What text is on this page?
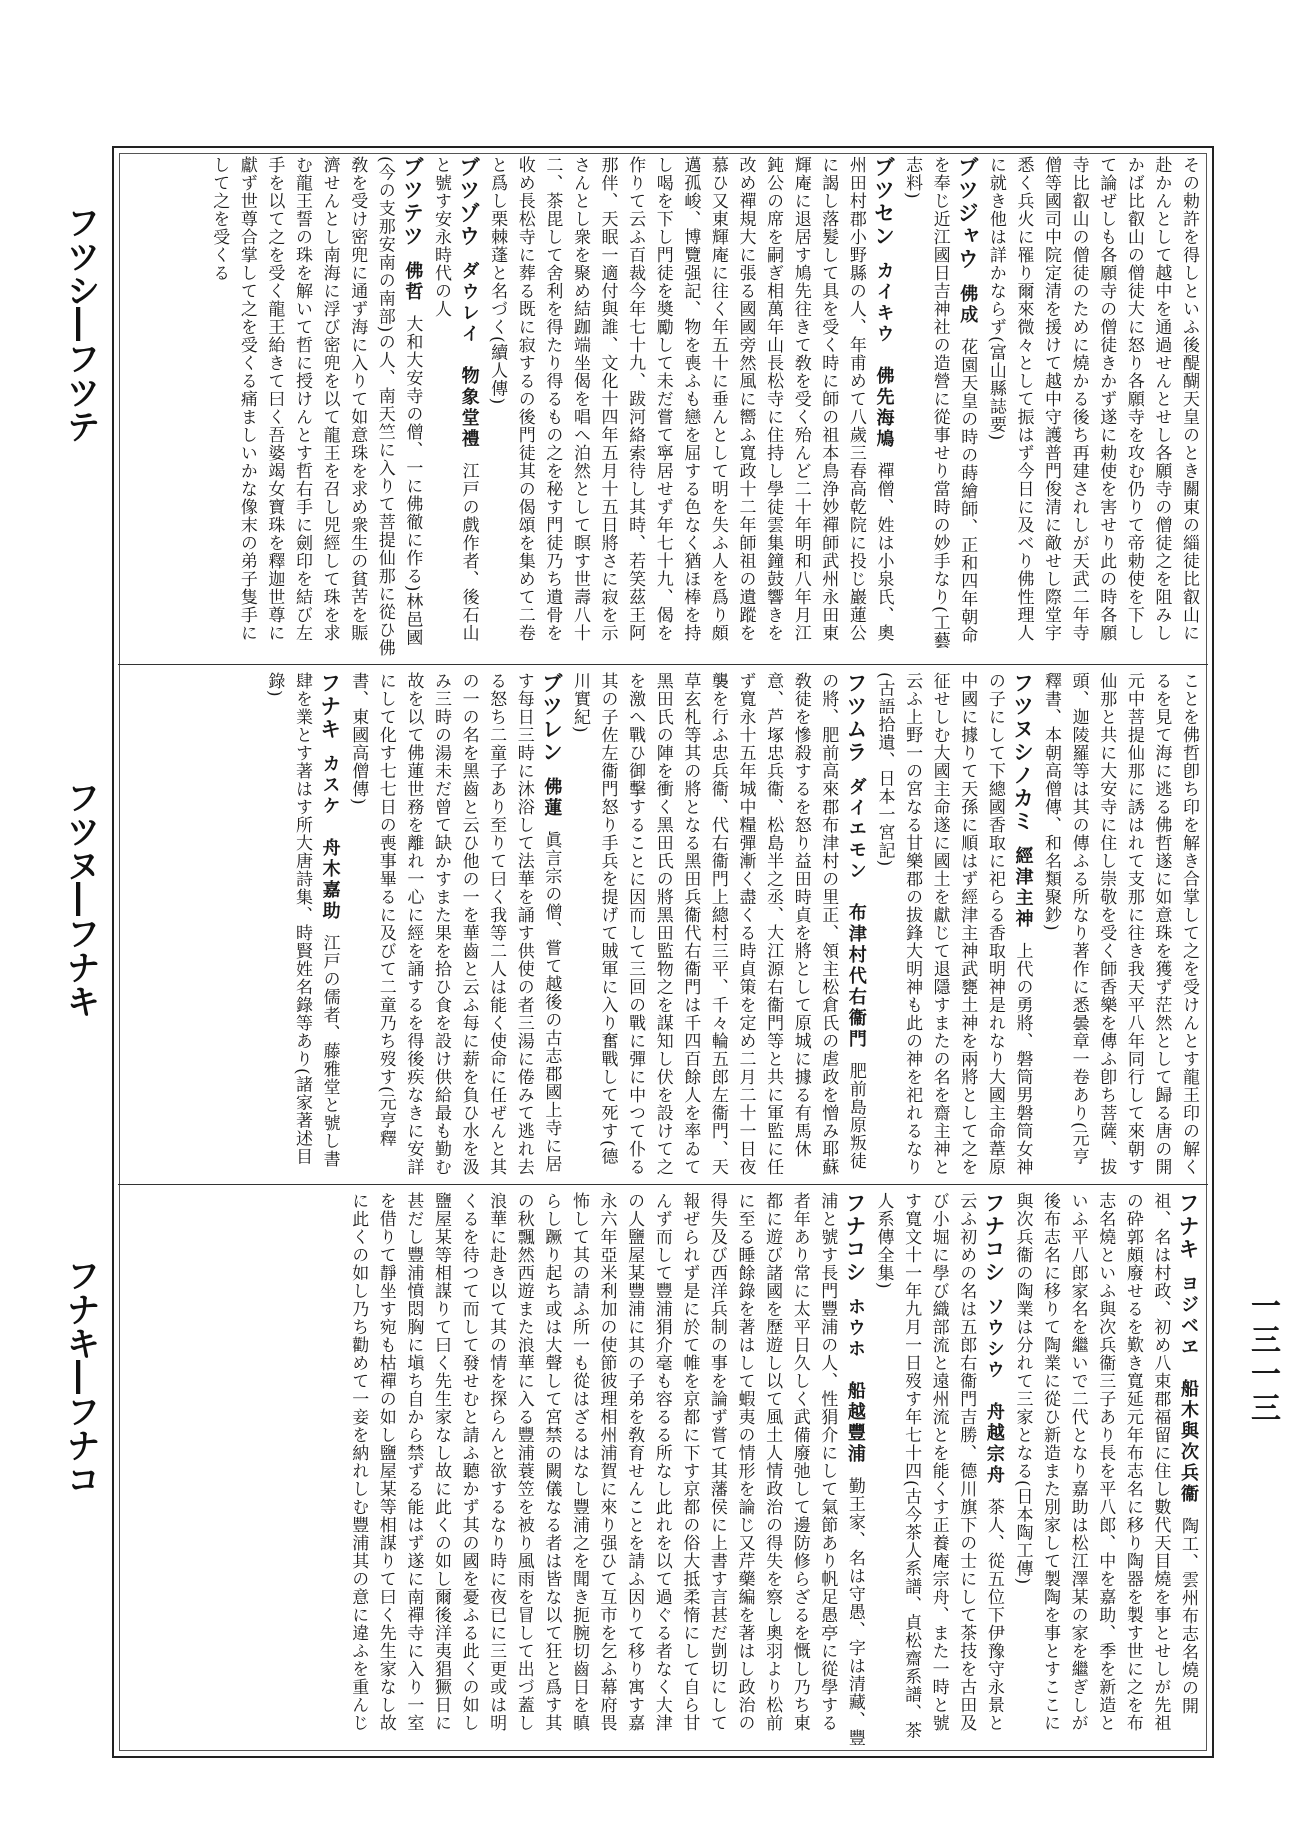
フツシ―フツテ
フツヌ―フナキ
フナキ―フナコ	一三一三
その勅許を得しといふ後醍醐天皇のとき關東の緇徒比叡山に赴かんとして越中を通過せんとせし各願寺の僧徒之を阻みしかば比叡山の僧徒大に怒り各願寺を攻む仍りて帝勅使を下して論ぜしも各願寺の僧徒きかず遂に勅使を害せり此の時各願寺比叡山の僧徒のために燒かる後ち再建されしが天武二年寺僧等國司中院定清を援けて越中守護普門俊清に敵せし際堂宇悉く兵火に罹り爾來微々として振はず今日に及べり佛性理人に就き他は詳かならず(富山縣誌要)
ブツジャウ 佛成 花園天皇の時の蒔繪師、正和四年朝命を奉じ近江國日吉神社の造營に從事せり當時の妙手なり(工藝志料)
ブツセン カイキウ　佛先海鳩 禪僧、姓は小泉氏、奧州田村郡小野縣の人、年甫めて八歲三春高乾院に投じ巖蓮公に謁し落髮して具を受く時に師の祖本鳥浄妙禪師武州永田東輝庵に退居す鳩先往きて敎を受く殆んど二十年明和八年月江鈍公の席を嗣ぎ相萬年山長松寺に住持し學徒雲集鐘鼓響きを改め禪規大に張る國國旁然風に嚮ふ寬政十二年師祖の遺蹤を慕ひ又東輝庵に往く年五十に垂んとして明を失ふ人を爲り頗邁孤峻、博覽强記、物を喪ふも戀を屈する色なく猶ほ棒を持し喝を下し門徒を奬勵して未だ嘗て寧居せず年七十九、偈を作りて云ふ百裁今年七十九、跋河絡索待し其時、若笑茲王阿那伴、天眠一適付與誰、文化十四年五月十五日將さに寂を示さんとし衆を聚め結跏端坐偈を唱へ泊然として瞑す世壽八十二、茶毘して舍利を得たり得るもの之を秘す門徒乃ち遺骨を收め長松寺に葬る既に寂するの後門徒其の偈頌を集めて二卷と爲し栗棘蓬と名づく(續人傳)
ブツゾウ ダウレイ　物象堂禮 江戸の戲作者、後石山と號す安永時代の人
ブツテツ 佛哲 大和大安寺の僧、一に佛徹に作る)林邑國(今の支那安南の南部)の人、南天竺に入りて菩提仙那に從ひ佛敎を受け密兜に通ず海に入りて如意珠を求め衆生の貧苦を賑濟せんとし南海に浮び密兜を以て龍王を召し兕經して珠を求む龍王誓の珠を解いて哲に授けんとす哲右手に劍印を結び左手を以て之を受く龍王紿きて曰く吾婆竭女寶珠を釋迦世尊に獻ず世尊合掌して之を受くる痛ましいかな像末の弟子隻手にして之を受くる
ことを佛哲卽ち印を解き合掌して之を受けんとす龍王印の解くるを見て海に逃る佛哲遂に如意珠を獲ず茫然として歸る唐の開元中菩提仙那に誘はれて支那に往き我天平八年同行して來朝す仙那と共に大安寺に住し崇敬を受く師香樂を傳ふ卽ち菩薩、拔頭、迦陵羅等は其の傳ふる所なり著作に悉曇章一卷あり(元亨釋書、本朝高僧傳、和名類聚鈔)
フツヌシノカミ 經津主神 上代の勇將、磐筒男磐筒女神の子にして下總國香取に祀らる香取明神是れなり大國主命葦原中國に據りて天孫に順はず經津主神武甕土神を兩將として之を征せしむ大國主命遂に國土を獻じて退隱すまたの名を齋主神と云ふ上野一の宮なる甘樂郡の拔鋒大明神も此の神を祀れるなり(古語拾遺、日本一宮記)
フツムラ ダイエモン　布津村代右衞門 肥前島原叛徒の將、肥前高來郡布津村の里正、領主松倉氏の虐政を憎み耶蘇敎徒を慘殺するを怒り益田時貞を將として原城に據る有馬休意、芦塚忠兵衞、松島半之丞、大江源右衞門等と共に軍監に任ず寬永十五年城中糧彈漸く盡くる時貞策を定め二月二十一日夜襲を行ふ忠兵衞、代右衞門上總村三平、千々輪五郎左衞門、天草玄札等其の將となる黑田兵衞代右衞門は千四百餘人を率ゐて黑田氏の陣を衝く黑田氏の將黑田監物之を謀知し伏を設けて之を激へ戰ひ御擊することに因而して三回の戰に彈に中つて仆る其の子佐左衞門怒り手兵を提げて賊軍に入り奮戰して死す(德川實紀)
ブツレン 佛蓮 眞言宗の僧、嘗て越後の古志郡國上寺に居す每日三時に沐浴して法華を誦す供使の者三湯に倦みて逃れ去る怒ち二童子あり至りて曰く我等二人は能く使命に任ぜんと其の一の名を黑齒と云ひ他の一を華齒と云ふ每に薪を負ひ水を汲み三時の湯未だ曾て缺かすまた果を拾ひ食を設け供給最も勤む故を以て佛蓮世務を離れ一心に經を誦するを得後疾なきに安詳にして化す七七日の喪事畢るに及びて二童乃ち歿す(元亨釋書、東國高僧傳)
フナキ カスケ　舟木嘉助 江戸の儒者、藤雅堂と號し書肆を業とす著はす所大唐詩集、時賢姓名錄等あり(諸家著述目錄)
フナキ ヨジベヱ　船木與次兵衞 陶工、雲州布志名燒の開祖、名は村政、初め八束郡福留に住し數代天目燒を事とせしが先祖の砕郭頗廢せるを歎き寬延元年布志名に移り陶器を製す世に之を布志名燒といふ與次兵衞三子あり長を平八郎、中を嘉助、季を新造といふ平八郎家名を繼いで二代となり嘉助は松江澤某の家を繼ぎしが後布志名に移りて陶業に從ひ新造また別家して製陶を事とすここに與次兵衞の陶業は分れて三家となる(日本陶工傳)
フナコシ ソウシウ　舟越宗舟 茶人、從五位下伊豫守永景と云ふ初めの名は五郎右衞門吉勝、德川旗下の士にして茶技を古田及び小堀に學び織部流と遠州流とを能くす正養庵宗舟、また一時と號す寬文十一年九月一日歿す年七十四(古今茶人系譜、貞松齋系譜、茶人系傳全集)
フナコシ ホウホ　船越豐浦 勤王家、名は守愚、字は清藏、豐浦と號す長門豐浦の人、性狷介にして氣節あり帆足愚亭に從學する者年あり常に太平日久しく武備廢弛して邊防修らざるを慨し乃ち東都に遊び諸國を歷遊し以て風土人情政治の得失を察し奧羽より松前に至る睡餘錄を著はして蝦夷の情形を論じ又芹藥編を著はし政治の得失及び西洋兵制の事を論ず嘗て其藩侯に上書す言甚だ剴切にして報ぜられず是に於て帷を京都に下す京都の俗大抵柔惰にして自ら甘んず而して豐浦狷介毫も容るる所なし此れを以て過ぐる者なく大津の人鹽屋某豐浦に其の子弟を敎育せんことを請ふ因りて移り寓す嘉永六年亞米利加の使節彼理相州浦賀に來り强ひて互市を乞ふ幕府畏怖して其の請ふ所一も從はざるはなし豐浦之を聞き扼腕切齒日を瞋らし蹶り起ち或は大聲して宮禁の闕儀なる者は皆な以て狂と爲す其の秋飄然西遊また浪華に入る豐浦蓑笠を被り風雨を冒して出づ蓋し浪華に赴き以て其の情を探らんと欲するなり時に夜已に三更或は明くるを待つて而して發せむと請ふ聽かず其の國を憂ふる此くの如し鹽屋某等相謀りて曰く先生家なし故に此くの如し爾後洋夷猖獗日に甚だし豐浦憤悶胸に塡ち自から禁ずる能はず遂に南禪寺に入り一室を借りて靜坐す宛も枯禪の如し鹽屋某等相謀りて曰く先生家なし故に此くの如し乃ち勸めて一妾を納れしむ豐浦其の意に違ふを重んじ
